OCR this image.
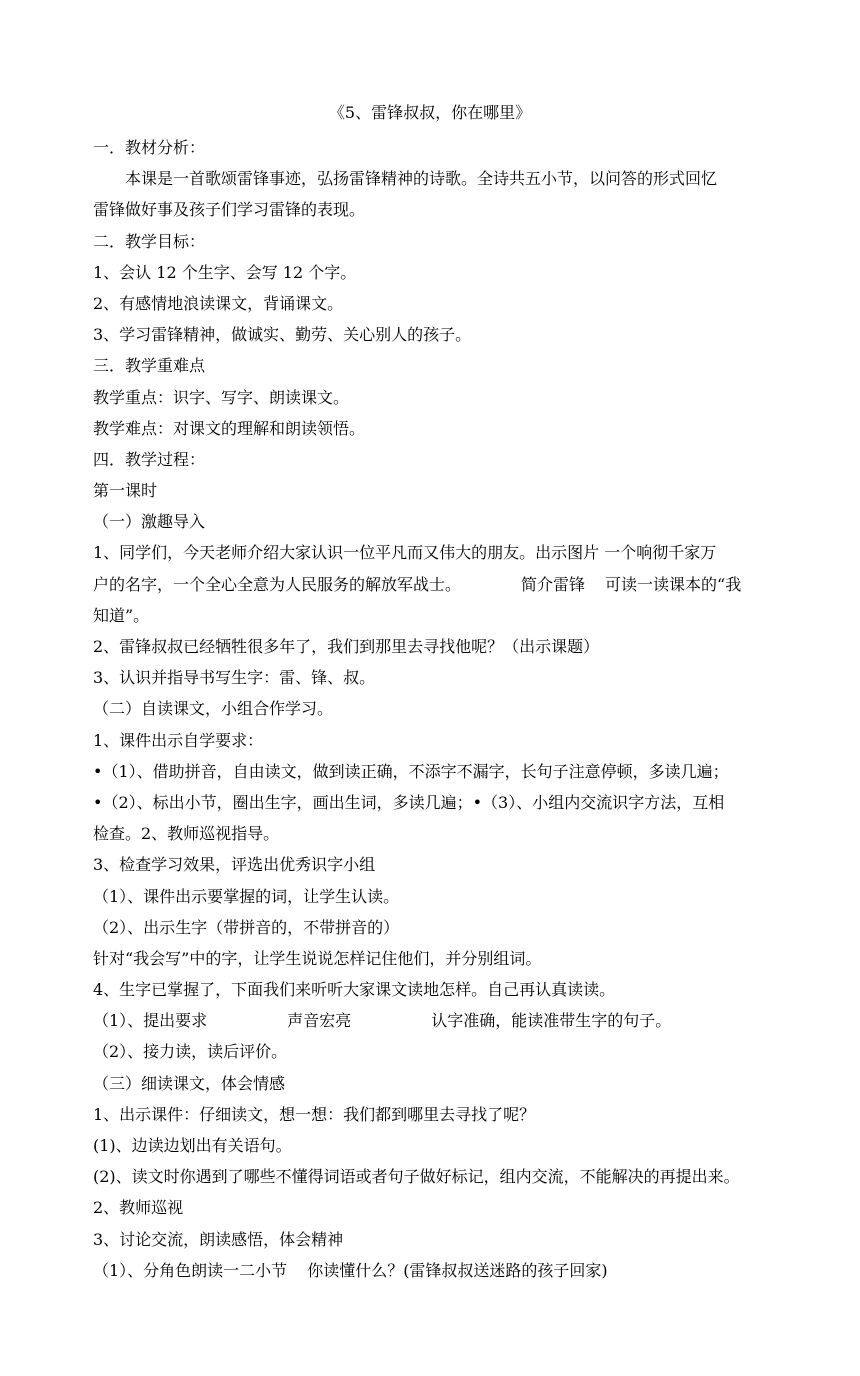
《5、雷锋叔叔，你在哪里》
一．教材分析：
本课是一首歌颂雷锋事迹，弘扬雷锋精神的诗歌。全诗共五小节，以问答的形式回忆
雷锋做好事及孩子们学习雷锋的表现。
二．教学目标：
1、会认 12 个生字、会写 12 个字。
2、有感情地浪读课文，背诵课文。
3、学习雷锋精神，做诚实、勤劳、关心别人的孩子。
三．教学重难点
教学重点：识字、写字、朗读课文。
教学难点：对课文的理解和朗读领悟。
四．教学过程：
第一课时
（一）激趣导入
1、同学们，今天老师介绍大家认识一位平凡而又伟大的朋友。出示图片 一个响彻千家万
户的名字，一个全心全意为人民服务的解放军战士。	简介雷锋 可读一读课本的“我
知道”。
2、雷锋叔叔已经牺牲很多年了，我们到那里去寻找他呢？（出示课题）
3、认识并指导书写生字：雷、锋、叔。
（二）自读课文，小组合作学习。
1、课件出示自学要求：
•（1）、借助拼音，自由读文，做到读正确，不添字不漏字，长句子注意停顿，多读几遍；
•（2）、标出小节，圈出生字，画出生词，多读几遍；•（3）、小组内交流识字方法，互相
检查。2、教师巡视指导。
3、检查学习效果，评选出优秀识字小组
（1）、课件出示要掌握的词，让学生认读。
（2）、出示生字（带拼音的，不带拼音的）
针对“我会写”中的字，让学生说说怎样记住他们，并分别组词。
4、生字已掌握了，下面我们来听听大家课文读地怎样。自己再认真读读。
（1）、提出要求	声音宏亮	认字准确，能读准带生字的句子。
（2）、接力读，读后评价。
（三）细读课文，体会情感
1、出示课件：仔细读文，想一想：我们都到哪里去寻找了呢？
(1)、边读边划出有关语句。
(2)、读文时你遇到了哪些不懂得词语或者句子做好标记，组内交流，不能解决的再提出来。
2、教师巡视
3、讨论交流，朗读感悟，体会精神
（1）、分角色朗读一二小节 你读懂什么？(雷锋叔叔送迷路的孩子回家)
